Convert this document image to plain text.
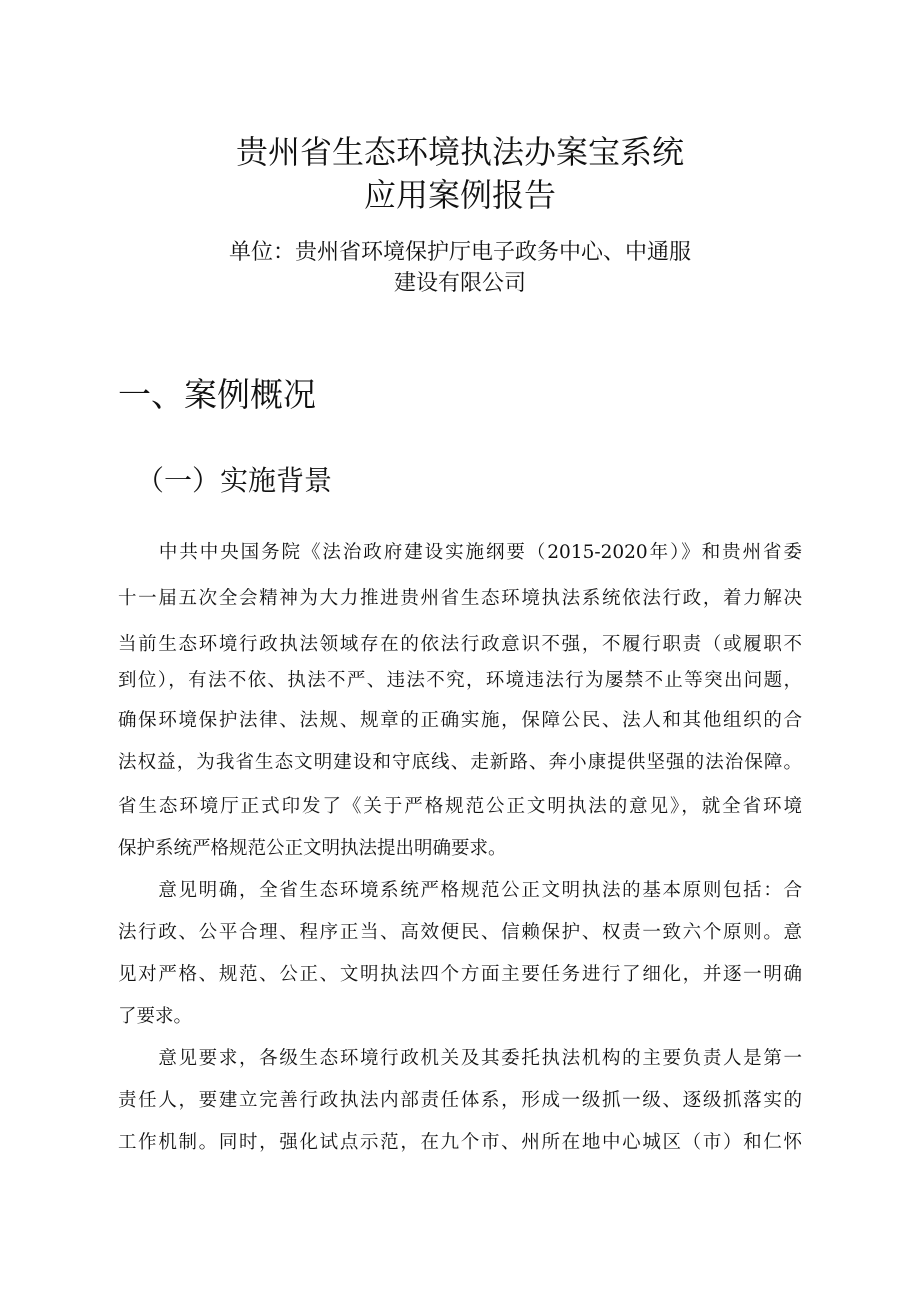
贵州省生态环境执法办案宝系统
应用案例报告
单位：贵州省环境保护厅电子政务中心、中通服
建设有限公司
一、案例概况
（一）实施背景
　　中共中央国务院《法治政府建设实施纲要（2015-2020年）》和贵州省委
十一届五次全会精神为大力推进贵州省生态环境执法系统依法行政，着力解决
当前生态环境行政执法领域存在的依法行政意识不强，不履行职责（或履职不
到位），有法不依、执法不严、违法不究，环境违法行为屡禁不止等突出问题，
确保环境保护法律、法规、规章的正确实施，保障公民、法人和其他组织的合
法权益，为我省生态文明建设和守底线、走新路、奔小康提供坚强的法治保障。
省生态环境厅正式印发了《关于严格规范公正文明执法的意见》，就全省环境
保护系统严格规范公正文明执法提出明确要求。
　　意见明确，全省生态环境系统严格规范公正文明执法的基本原则包括：合
法行政、公平合理、程序正当、高效便民、信赖保护、权责一致六个原则。意
见对严格、规范、公正、文明执法四个方面主要任务进行了细化，并逐一明确
了要求。
　　意见要求，各级生态环境行政机关及其委托执法机构的主要负责人是第一
责任人，要建立完善行政执法内部责任体系，形成一级抓一级、逐级抓落实的
工作机制。同时，强化试点示范，在九个市、州所在地中心城区（市）和仁怀
